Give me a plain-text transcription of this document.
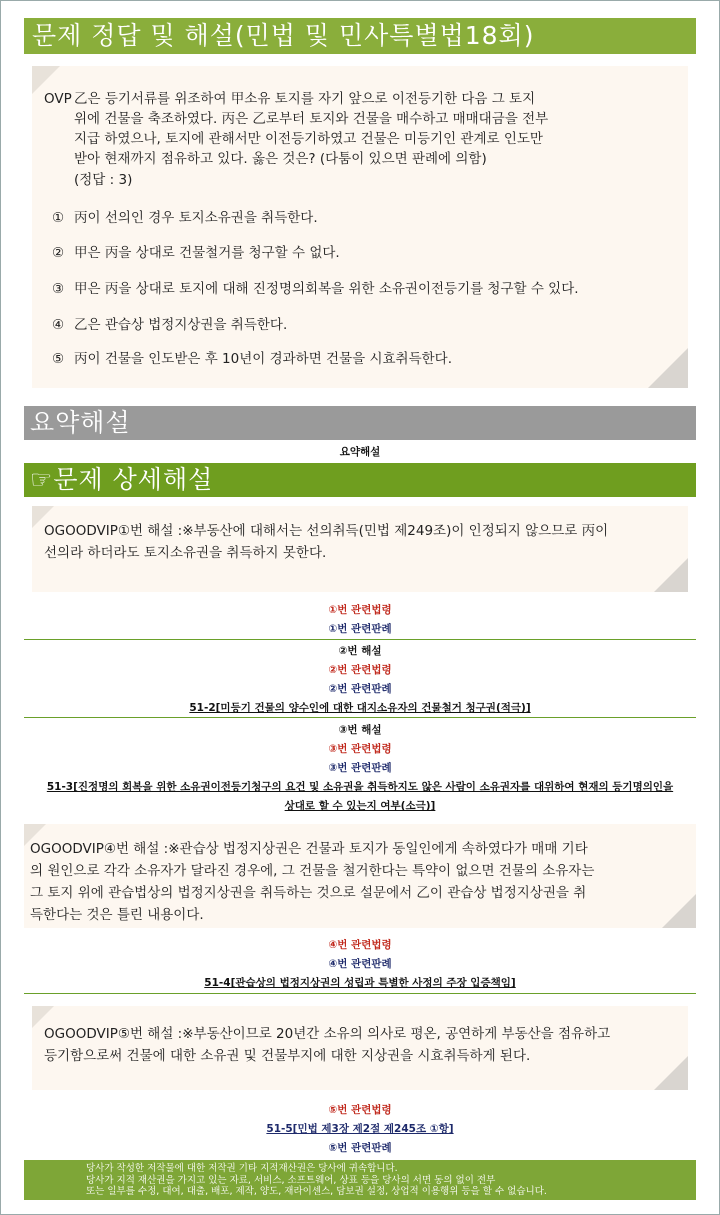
문제 정답 및 해설(민법 및 민사특별법18회)
OVP 乙은 등기서류를 위조하여 甲소유 토지를 자기 앞으로 이전등기한 다음 그 토지
위에 건물을 축조하였다. 丙은 乙로부터 토지와 건물을 매수하고 매매대금을 전부
지급 하였으나, 토지에 관해서만 이전등기하였고 건물은 미등기인 관계로 인도만
받아 현재까지 점유하고 있다. 옳은 것은? (다툼이 있으면 판례에 의함)
(정답 : 3)
① 丙이 선의인 경우 토지소유권을 취득한다.
② 甲은 丙을 상대로 건물철거를 청구할 수 없다.
③ 甲은 丙을 상대로 토지에 대해 진정명의회복을 위한 소유권이전등기를 청구할 수 있다.
④ 乙은 관습상 법정지상권을 취득한다.
⑤ 丙이 건물을 인도받은 후 10년이 경과하면 건물을 시효취득한다.
요약해설
요약해설
☞문제 상세해설
OGOODVIP①번 해설 :※부동산에 대해서는 선의취득(민법 제249조)이 인정되지 않으므로 丙이
선의라 하더라도 토지소유권을 취득하지 못한다.
①번 관련법령
①번 관련판례
②번 해설
②번 관련법령
②번 관련판례
51-2[미등기 건물의 양수인에 대한 대지소유자의 건물철거 청구권(적극)]
③번 해설
③번 관련법령
③번 관련판례
51-3[진정명의 회복을 위한 소유권이전등기청구의 요건 및 소유권을 취득하지도 않은 사람이 소유권자를 대위하여 현재의 등기명의인을
상대로 할 수 있는지 여부(소극)]
OGOODVIP④번 해설 :※관습상 법정지상권은 건물과 토지가 동일인에게 속하였다가 매매 기타
의 원인으로 각각 소유자가 달라진 경우에, 그 건물을 철거한다는 특약이 없으면 건물의 소유자는
그 토지 위에 관습법상의 법정지상권을 취득하는 것으로 설문에서 乙이 관습상 법정지상권을 취
득한다는 것은 틀린 내용이다.
④번 관련법령
④번 관련판례
51-4[관습상의 법정지상권의 성립과 특별한 사정의 주장 입증책임]
OGOODVIP⑤번 해설 :※부동산이므로 20년간 소유의 의사로 평온, 공연하게 부동산을 점유하고
등기함으로써 건물에 대한 소유권 및 건물부지에 대한 지상권을 시효취득하게 된다.
⑤번 관련법령
51-5[민법 제3장 제2절 제245조 ①항]
⑤번 관련판례
당사가 작성한 저작물에 대한 저작권 기타 지적재산권은 당사에 귀속합니다.
당사가 지적 재산권을 가지고 있는 자료, 서비스, 소프트웨어, 상표 등을 당사의 서면 동의 없이 전부
또는 일부를 수정, 대여, 대출, 배포, 제작, 양도, 재라이센스, 담보권 설정, 상업적 이용행위 등을 할 수 없습니다.
